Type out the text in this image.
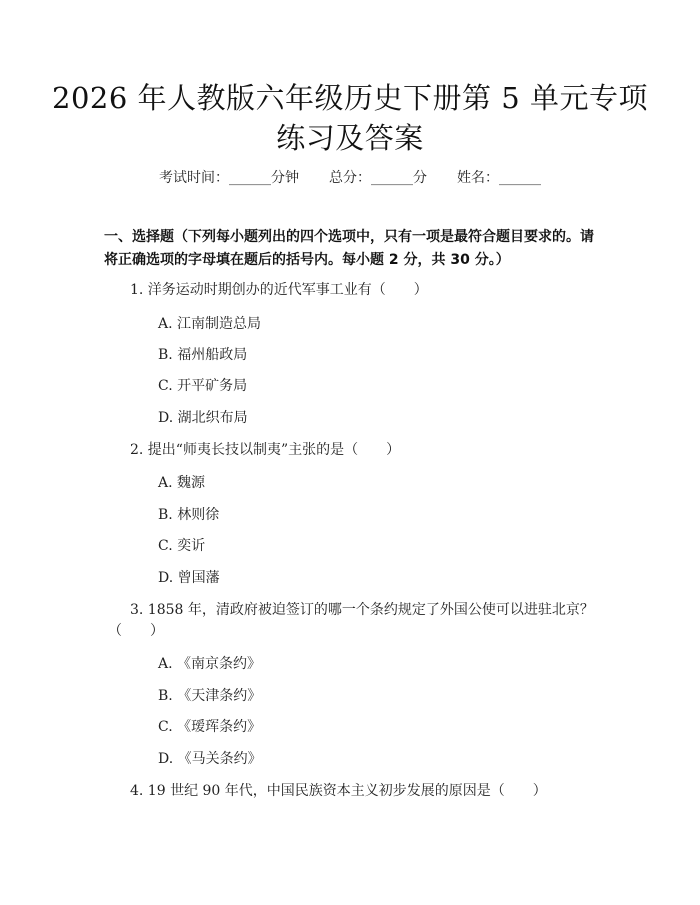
2026 年人教版六年级历史下册第 5 单元专项
练习及答案
考试时间：______分钟 总分：______分 姓名：______
一、选择题（下列每小题列出的四个选项中，只有一项是最符合题目要求的。请将正确选项的字母填在题后的括号内。每小题 2 分，共 30 分。）
1. 洋务运动时期创办的近代军事工业有（　　）
A. 江南制造总局
B. 福州船政局
C. 开平矿务局
D. 湖北织布局
2. 提出“师夷长技以制夷”主张的是（　　）
A. 魏源
B. 林则徐
C. 奕䜣
D. 曾国藩
3. 1858 年，清政府被迫签订的哪一个条约规定了外国公使可以进驻北京？
（　　）
A. 《南京条约》
B. 《天津条约》
C. 《瑷珲条约》
D. 《马关条约》
4. 19 世纪 90 年代，中国民族资本主义初步发展的原因是（　　）
